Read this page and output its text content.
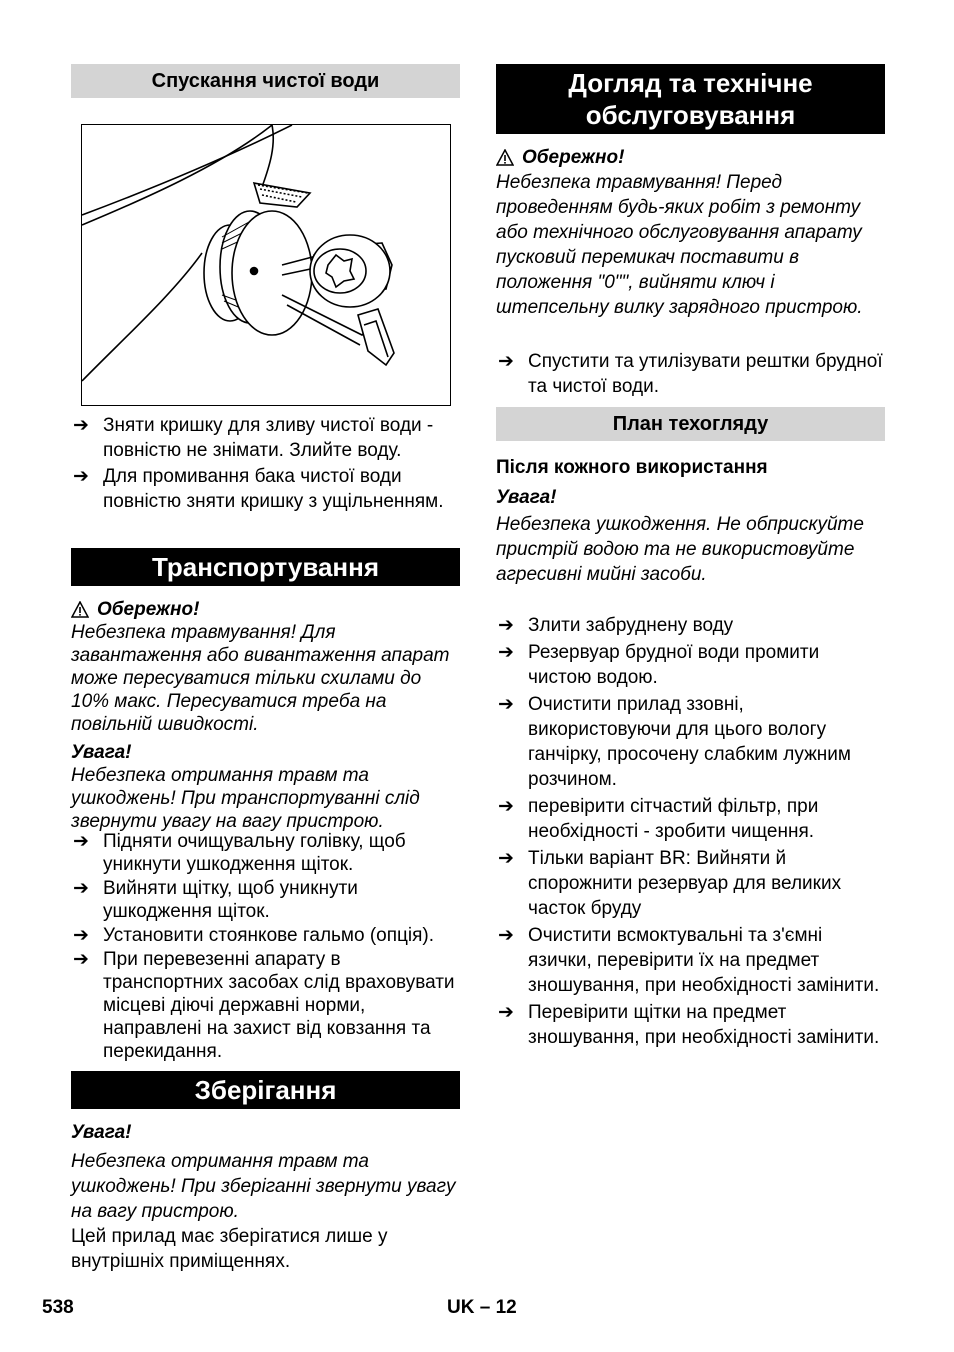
Спускання чистої води
➔ Зняти кришку для зливу чистої води - повністю не знімати. Злийте воду.
➔ Для промивання бака чистої води повністю зняти кришку з ущільненням.
Транспортування
Обережно!
Небезпека травмування! Для завантаження або вивантаження апарат може пересуватися тільки схилами до 10% макс. Пересуватися треба на повільній швидкості.
Увага!
Небезпека отримання травм та ушкоджень! При транспортуванні слід звернути увагу на вагу пристрою.
➔ Підняти очищувальну голівку, щоб уникнути ушкодження щіток.
➔ Вийняти щітку, щоб уникнути ушкодження щіток.
➔ Установити стоянкове гальмо (опція).
➔ При перевезенні апарату в транспортних засобах слід враховувати місцеві діючі державні норми, направлені на захист від ковзання та перекидання.
Зберігання
Увага!
Небезпека отримання травм та ушкоджень! При зберіганні звернути увагу на вагу пристрою.
Цей прилад має зберігатися лише у внутрішніх приміщеннях.
Догляд та технічне обслуговування
Обережно!
Небезпека травмування! Перед проведенням будь-яких робіт з ремонту або технічного обслуговування апарату пусковий перемикач поставити в положення "0"", вийняти ключ і штепсельну вилку зарядного пристрою.
➔ Спустити та утилізувати рештки брудної та чистої води.
План техогляду
Після кожного використання
Увага!
Небезпека ушкодження. Не обприскуйте пристрій водою та не використовуйте агресивні мийні засоби.
➔ Злити забруднену воду
➔ Резервуар брудної води промити чистою водою.
➔ Очистити прилад ззовні, використовуючи для цього вологу ганчірку, просочену слабким лужним розчином.
➔ перевірити сітчастий фільтр, при необхідності - зробити чищення.
➔ Тільки варіант BR: Вийняти й спорожнити резервуар для великих часток бруду
➔ Очистити всмоктувальні та з'ємні язички, перевірити їх на предмет зношування, при необхідності замінити.
➔ Перевірити щітки на предмет зношування, при необхідності замінити.
538	UK – 12
